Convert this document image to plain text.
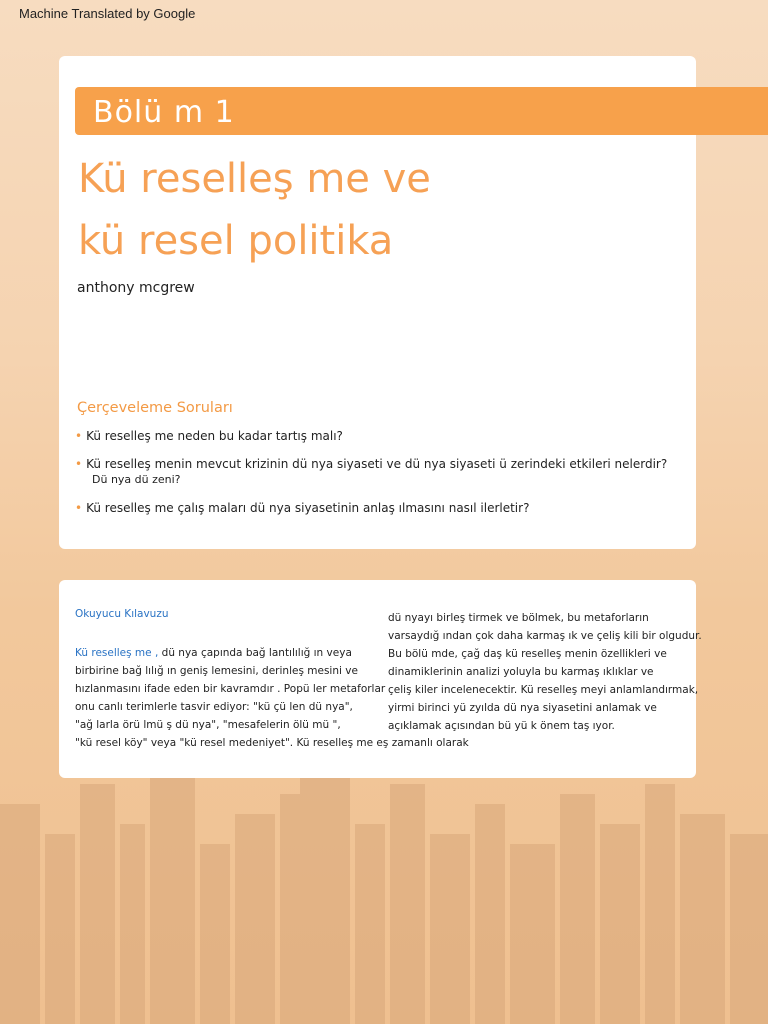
Machine Translated by Google
Bölü m 1
Kü reselleş me ve
kü resel politika
anthony mcgrew
Çerçeveleme Soruları
• Kü reselleş me neden bu kadar tartış malı?
• Kü reselleş menin mevcut krizinin dü nya siyaseti ve dü nya siyaseti ü zerindeki etkileri nelerdir?
Dü nya dü zeni?
• Kü reselleş me çalış maları dü nya siyasetinin anlaş ılmasını nasıl ilerletir?
Okuyucu Kılavuzu
Kü reselleş me , dü nya çapında bağ lantılılığ ın veya
birbirine bağ lılığ ın geniş lemesini, derinleş mesini ve
hızlanmasını ifade eden bir kavramdır . Popü ler metaforlar
onu canlı terimlerle tasvir ediyor: "kü çü len dü nya",
"ağ larla örü lmü ş dü nya", "mesafelerin ölü mü ",
"kü resel köy" veya "kü resel medeniyet". Kü reselleş me eş zamanlı olarak
dü nyayı birleş tirmek ve bölmek, bu metaforların
varsaydığ ından çok daha karmaş ık ve çeliş kili bir olgudur.
Bu bölü mde, çağ daş kü reselleş menin özellikleri ve
dinamiklerinin analizi yoluyla bu karmaş ıklıklar ve
çeliş kiler incelenecektir. Kü reselleş meyi anlamlandırmak,
yirmi birinci yü zyılda dü nya siyasetini anlamak ve
açıklamak açısından bü yü k önem taş ıyor.
